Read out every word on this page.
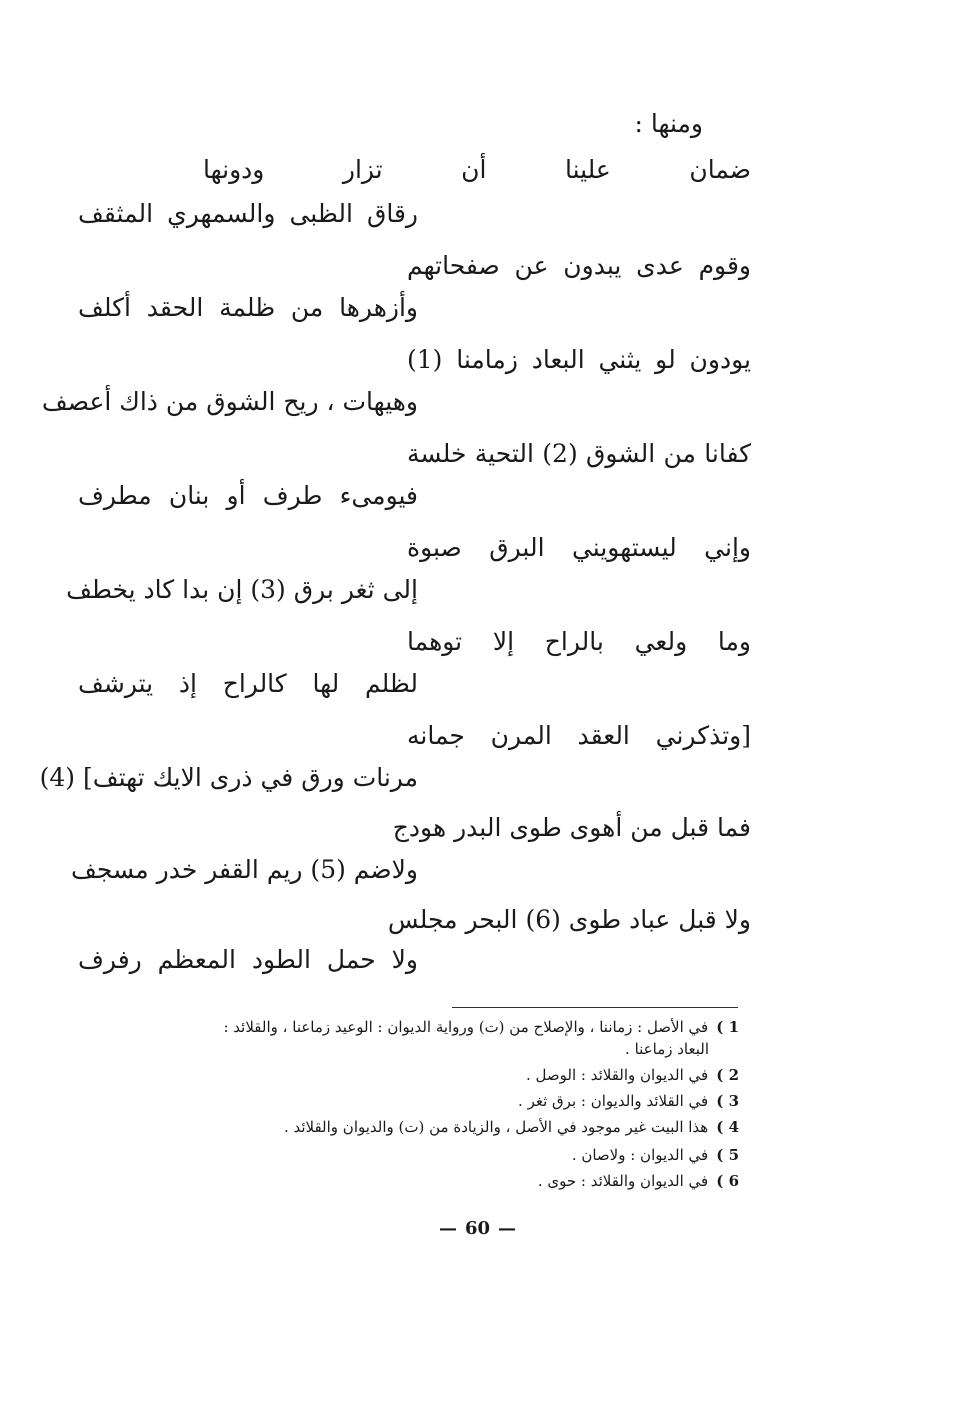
ومنها :
ضمان علينا أن تزار ودونها
رقاق الظبى والسمهري المثقف
وقوم عدى يبدون عن صفحاتهم
وأزهرها من ظلمة الحقد أكلف
يودون لو يثني البعاد زمامنا (1)
وهيهات ، ريح الشوق من ذاك أعصف
كفانا من الشوق (2) التحية خلسة
فيومىء طرف أو بنان مطرف
وإني ليستهويني البرق صبوة
إلى ثغر برق (3) إن بدا كاد يخطف
وما ولعي بالراح إلا توهما
لظلم لها كالراح إذ يترشف
[وتذكرني العقد المرن جمانه
مرنات ورق في ذرى الايك تهتف] (4)
فما قبل من أهوى طوى البدر هودج
ولاضم (5) ريم القفر خدر مسجف
ولا قبل عباد طوى (6) البحر مجلس
ولا حمل الطود المعظم رفرف
1 ) في الأصل : زماننا ، والإصلاح من (ت) ورواية الديوان : الوعيد زماعنا ، والقلائد :
البعاد زماعنا .
2 ) في الديوان والقلائد : الوصل .
3 ) في القلائد والديوان : برق ثغر .
4 ) هذا البيت غير موجود في الأصل ، والزيادة من (ت) والديوان والقلائد .
5 ) في الديوان : ولاصان .
6 ) في الديوان والقلائد : حوى .
— 60 —
